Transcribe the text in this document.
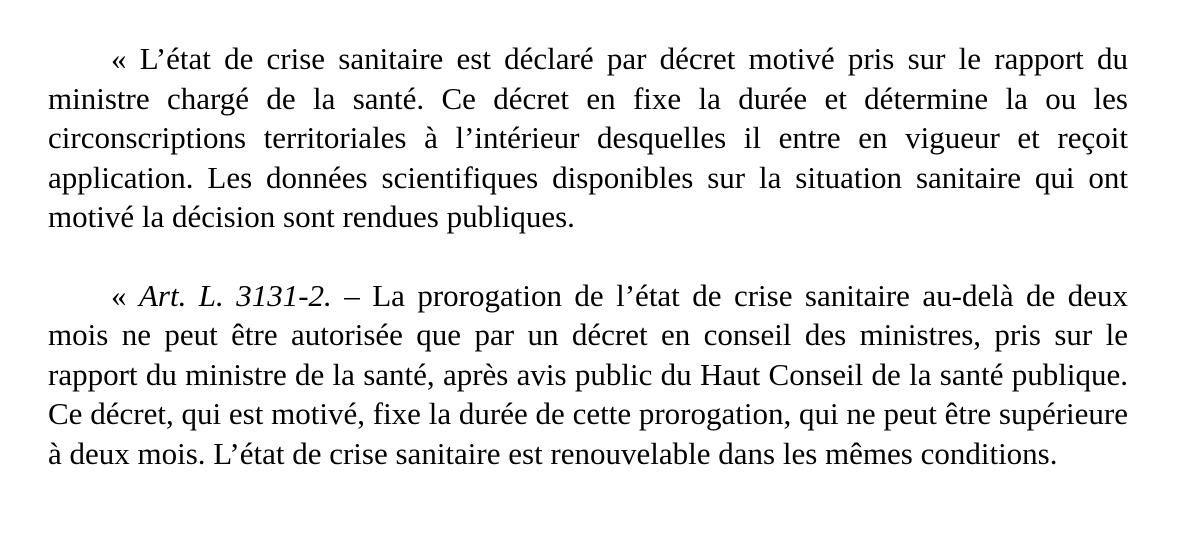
« L’état de crise sanitaire est déclaré par décret motivé pris sur le rapport du ministre chargé de la santé. Ce décret en fixe la durée et détermine la ou les circonscriptions territoriales à l’intérieur desquelles il entre en vigueur et reçoit application. Les données scientifiques disponibles sur la situation sanitaire qui ont motivé la décision sont rendues publiques.

« Art. L. 3131-2. – La prorogation de l’état de crise sanitaire au-delà de deux mois ne peut être autorisée que par un décret en conseil des ministres, pris sur le rapport du ministre de la santé, après avis public du Haut Conseil de la santé publique. Ce décret, qui est motivé, fixe la durée de cette prorogation, qui ne peut être supérieure à deux mois. L’état de crise sanitaire est renouvelable dans les mêmes conditions.
